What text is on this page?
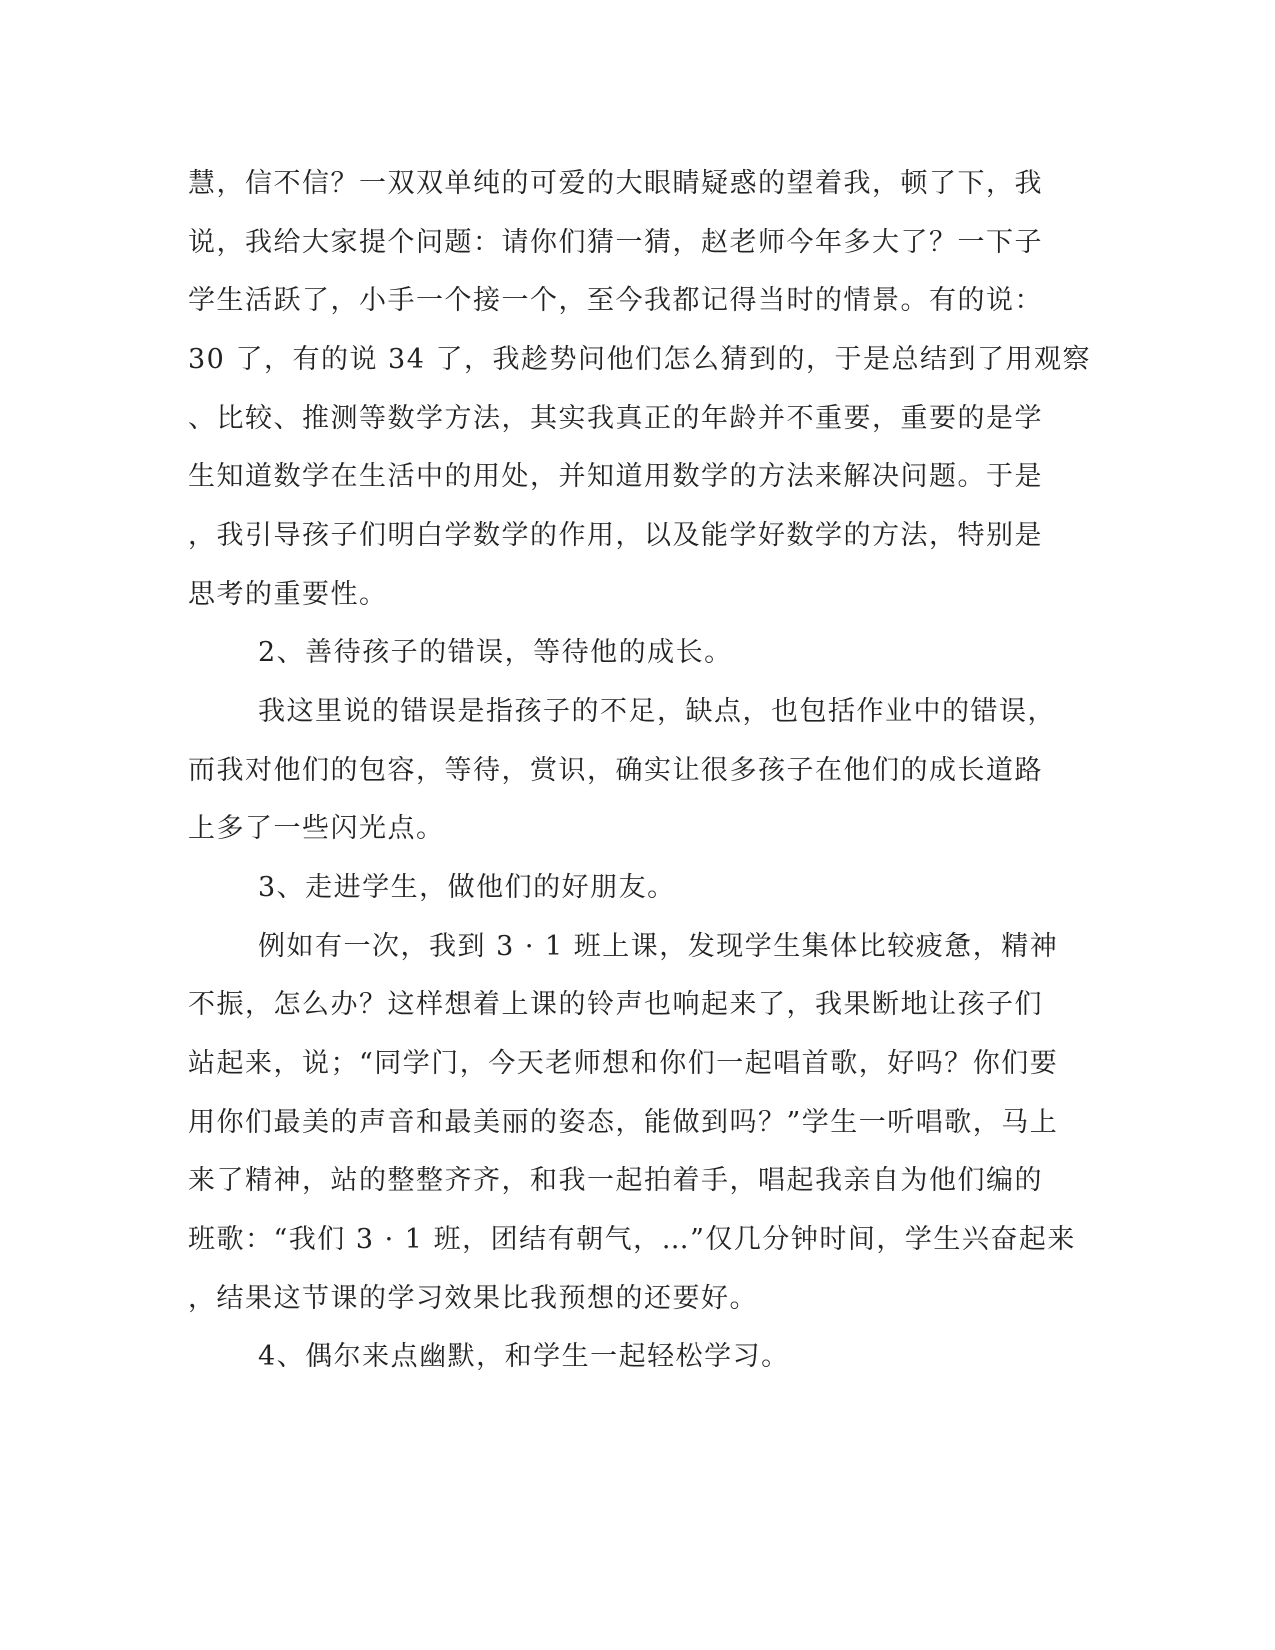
慧，信不信？一双双单纯的可爱的大眼睛疑惑的望着我，顿了下，我
说，我给大家提个问题：请你们猜一猜，赵老师今年多大了？一下子
学生活跃了，小手一个接一个，至今我都记得当时的情景。有的说：
30 了，有的说 34 了，我趁势问他们怎么猜到的，于是总结到了用观察
、比较、推测等数学方法，其实我真正的年龄并不重要，重要的是学
生知道数学在生活中的用处，并知道用数学的方法来解决问题。于是
，我引导孩子们明白学数学的作用，以及能学好数学的方法，特别是
思考的重要性。
2、善待孩子的错误，等待他的成长。
我这里说的错误是指孩子的不足，缺点，也包括作业中的错误，
而我对他们的包容，等待，赏识，确实让很多孩子在他们的成长道路
上多了一些闪光点。
3、走进学生，做他们的好朋友。
例如有一次，我到 3 · 1 班上课，发现学生集体比较疲惫，精神
不振，怎么办？这样想着上课的铃声也响起来了，我果断地让孩子们
站起来，说；“同学门，今天老师想和你们一起唱首歌，好吗？你们要
用你们最美的声音和最美丽的姿态，能做到吗？”学生一听唱歌，马上
来了精神，站的整整齐齐，和我一起拍着手，唱起我亲自为他们编的
班歌：“我们 3 · 1 班，团结有朝气，…”仅几分钟时间，学生兴奋起来
，结果这节课的学习效果比我预想的还要好。
4、偶尔来点幽默，和学生一起轻松学习。
